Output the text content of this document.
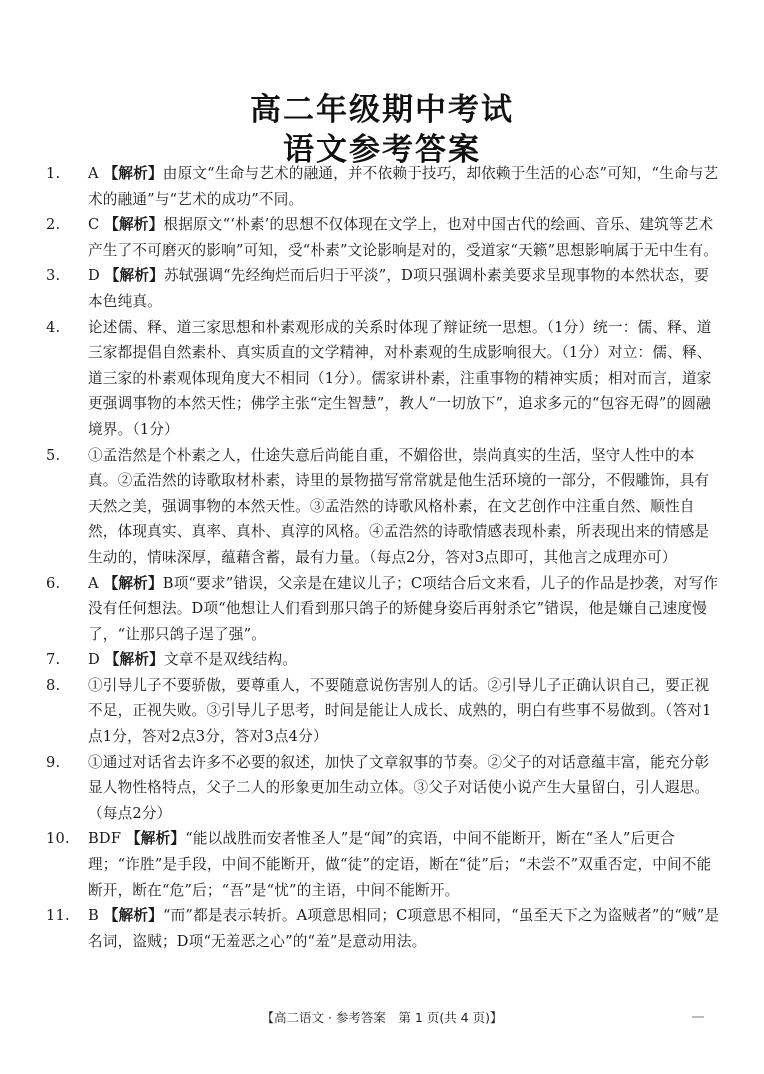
高二年级期中考试
语文参考答案
1. A 【解析】由原文“生命与艺术的融通，并不依赖于技巧，却依赖于生活的心态”可知，“生命与艺术的融通”与“艺术的成功”不同。
2. C 【解析】根据原文“‘朴素’的思想不仅体现在文学上，也对中国古代的绘画、音乐、建筑等艺术产生了不可磨灭的影响”可知，受“朴素”文论影响是对的，受道家“天籁”思想影响属于无中生有。
3. D 【解析】苏轼强调“先经绚烂而后归于平淡”，D项只强调朴素美要求呈现事物的本然状态，要本色纯真。
4. 论述儒、释、道三家思想和朴素观形成的关系时体现了辩证统一思想。（1分）统一：儒、释、道三家都提倡自然素朴、真实质直的文学精神，对朴素观的生成影响很大。（1分）对立：儒、释、道三家的朴素观体现角度大不相同（1分）。儒家讲朴素，注重事物的精神实质；相对而言，道家更强调事物的本然天性；佛学主张“定生智慧”，教人“一切放下”，追求多元的“包容无碍”的圆融境界。（1分）
5. ①孟浩然是个朴素之人，仕途失意后尚能自重，不媚俗世，崇尚真实的生活，坚守人性中的本真。②孟浩然的诗歌取材朴素，诗里的景物描写常常就是他生活环境的一部分，不假雕饰，具有天然之美，强调事物的本然天性。③孟浩然的诗歌风格朴素，在文艺创作中注重自然、顺性自然，体现真实、真率、真朴、真淳的风格。④孟浩然的诗歌情感表现朴素，所表现出来的情感是生动的，情味深厚，蕴藉含蓄，最有力量。（每点2分，答对3点即可，其他言之成理亦可）
6. A 【解析】B项“要求”错误，父亲是在建议儿子；C项结合后文来看，儿子的作品是抄袭，对写作没有任何想法。D项“他想让人们看到那只鸽子的矫健身姿后再射杀它”错误，他是嫌自己速度慢了，“让那只鸽子逞了强”。
7. D 【解析】文章不是双线结构。
8. ①引导儿子不要骄傲，要尊重人，不要随意说伤害别人的话。②引导儿子正确认识自己，要正视不足，正视失败。③引导儿子思考，时间是能让人成长、成熟的，明白有些事不易做到。（答对1点1分，答对2点3分，答对3点4分）
9. ①通过对话省去许多不必要的叙述，加快了文章叙事的节奏。②父子的对话意蕴丰富，能充分彰显人物性格特点，父子二人的形象更加生动立体。③父子对话使小说产生大量留白，引人遐思。（每点2分）
10. BDF 【解析】“能以战胜而安者惟圣人”是“闻”的宾语，中间不能断开，断在“圣人”后更合理；“诈胜”是手段，中间不能断开，做“徒”的定语，断在“徒”后；“未尝不”双重否定，中间不能断开，断在“危”后；“吾”是“忧”的主语，中间不能断开。
11. B 【解析】“而”都是表示转折。A项意思相同；C项意思不相同，“虽至天下之为盗贼者”的“贼”是名词，盗贼；D项“无羞恶之心”的“羞”是意动用法。
【高二语文 · 参考答案　第 1 页(共 4 页)】
